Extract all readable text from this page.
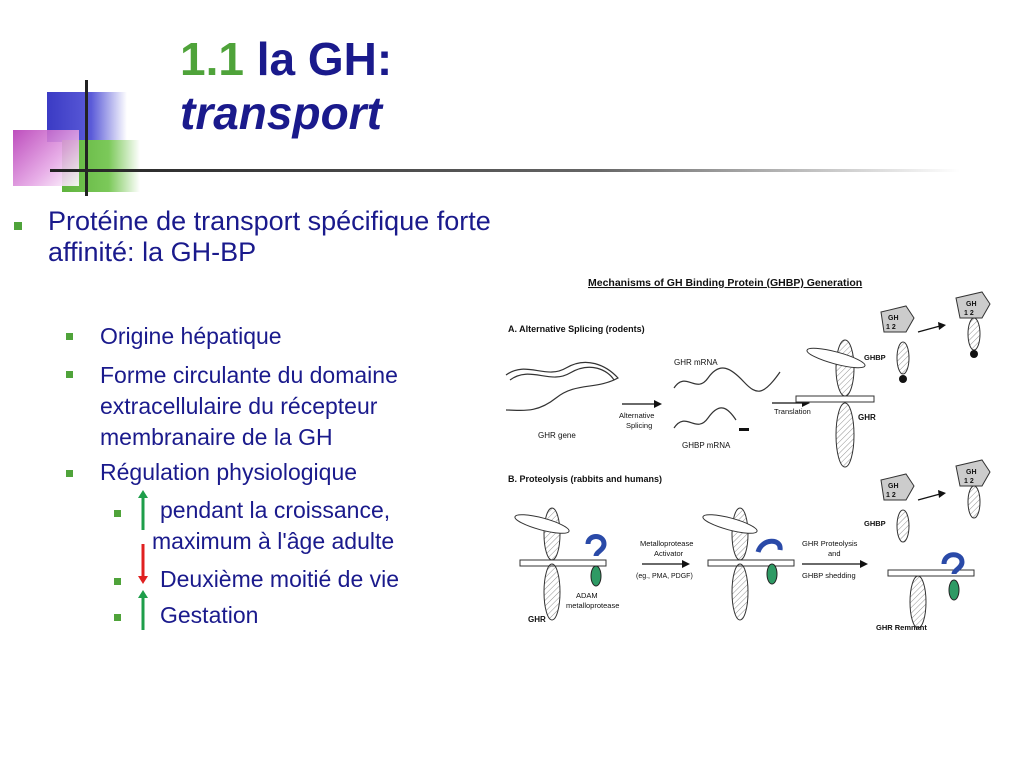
1.1 la GH:
transport
Protéine de transport spécifique forte affinité: la GH-BP
Origine hépatique
Forme circulante du domaine extracellulaire du récepteur membranaire de la GH
Régulation physiologique
pendant la croissance,
maximum à l'âge adulte
Deuxième moitié de vie
Gestation
Mechanisms of GH Binding Protein (GHBP) Generation
A. Alternative Splicing (rodents)
GHR gene
Alternative
Splicing
GHR mRNA
GHBP mRNA
Translation
GHR
GHBP
GH
1 2
GH
1 2
B. Proteolysis (rabbits and humans)
GHR
ADAM
metalloprotease
Metalloprotease
Activator
(eg., PMA, PDGF)
GHR Proteolysis
and
GHBP shedding
GHR Remnant
GH
1 2
GHBP
GH
1 2
